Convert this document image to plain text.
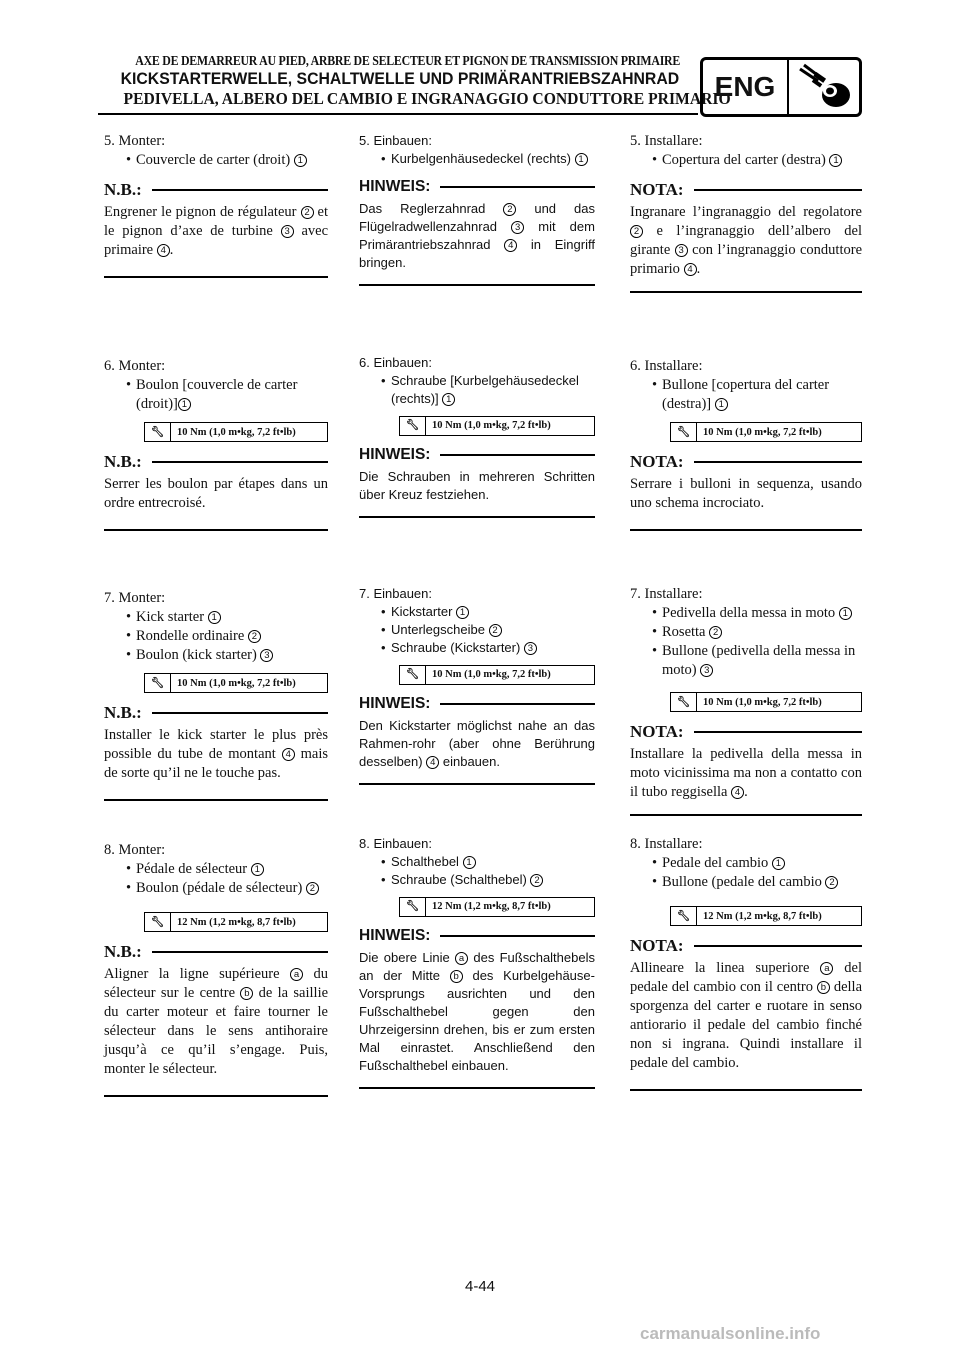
AXE DE DEMARREUR AU PIED, ARBRE DE SELECTEUR ET PIGNON DE TRANSMISSION PRIMAIRE
KICKSTARTERWELLE, SCHALTWELLE UND PRIMÄRANTRIEBSZAHNRAD
PEDIVELLA, ALBERO DEL CAMBIO E INGRANAGGIO CONDUTTORE PRIMARIO
ENG
5. Monter:
• Couvercle de carter (droit) 1
N.B.:
Engrener le pignon de régulateur 2 et le pignon d’axe de turbine 3 avec primaire 4 .
6. Monter:
• Boulon [couvercle de carter (droit)] 1
🔧︎	10 Nm (1,0 m•kg, 7,2 ft•lb)
N.B.:
Serrer les boulon par étapes dans un ordre entrecroisé.
7. Monter:
• Kick starter 1
• Rondelle ordinaire 2
• Boulon (kick starter) 3
🔧︎	10 Nm (1,0 m•kg, 7,2 ft•lb)
N.B.:
Installer le kick starter le plus près possible du tube de montant 4 mais de sorte qu’il ne le touche pas.
8. Monter:
• Pédale de sélecteur 1
• Boulon (pédale de sélecteur) 2
🔧︎	12 Nm (1,2 m•kg, 8,7 ft•lb)
N.B.:
Aligner la ligne supérieure a du sélecteur sur le centre b de la saillie du carter moteur et faire tourner le sélecteur dans le sens antihoraire jusqu’à ce qu’il s’engage. Puis, monter le sélecteur.
5. Einbauen:
• Kurbelgenhäusedeckel (rechts) 1
HINWEIS:
Das Reglerzahnrad 2 und das Flügelradwellenzahnrad 3 mit dem Primärantriebszahnrad 4 in Eingriff bringen.
6. Einbauen:
• Schraube [Kurbelgehäusedeckel (rechts)] 1
🔧︎	10 Nm (1,0 m•kg, 7,2 ft•lb)
HINWEIS:
Die Schrauben in mehreren Schritten über Kreuz festziehen.
7. Einbauen:
• Kickstarter 1
• Unterlegscheibe 2
• Schraube (Kickstarter) 3
🔧︎	10 Nm (1,0 m•kg, 7,2 ft•lb)
HINWEIS:
Den Kickstarter möglichst nahe an das Rahmen-rohr (aber ohne Berührung desselben) 4 einbauen.
8. Einbauen:
• Schalthebel 1
• Schraube (Schalthebel) 2
🔧︎	12 Nm (1,2 m•kg, 8,7 ft•lb)
HINWEIS:
Die obere Linie a des Fußschalthebels an der Mitte b des Kurbelgehäuse-Vorsprungs ausrichten und den Fußschalthebel gegen den Uhrzeigersinn drehen, bis er zum ersten Mal einrastet. Anschließend den Fußschalthebel einbauen.
5. Installare:
• Copertura del carter (destra) 1
NOTA:
Ingranare l’ingranaggio del regolatore 2 e l’ingranaggio dell’albero del girante 3 con l’ingranaggio conduttore primario 4 .
6. Installare:
• Bullone [copertura del carter (destra)] 1
🔧︎	10 Nm (1,0 m•kg, 7,2 ft•lb)
NOTA:
Serrare i bulloni in sequenza, usando uno schema incrociato.
7. Installare:
• Pedivella della messa in moto 1
• Rosetta 2
• Bullone (pedivella della messa in moto) 3
🔧︎	10 Nm (1,0 m•kg, 7,2 ft•lb)
NOTA:
Installare la pedivella della messa in moto vicinissima ma non a contatto con il tubo reggisella 4 .
8. Installare:
• Pedale del cambio 1
• Bullone (pedale del cambio 2
🔧︎	12 Nm (1,2 m•kg, 8,7 ft•lb)
NOTA:
Allineare la linea superiore a del pedale del cambio con il centro b della sporgenza del carter e ruotare in senso antiorario il pedale del cambio finché non si ingrana. Quindi installare il pedale del cambio.
4-44
carmanualsonline.info
